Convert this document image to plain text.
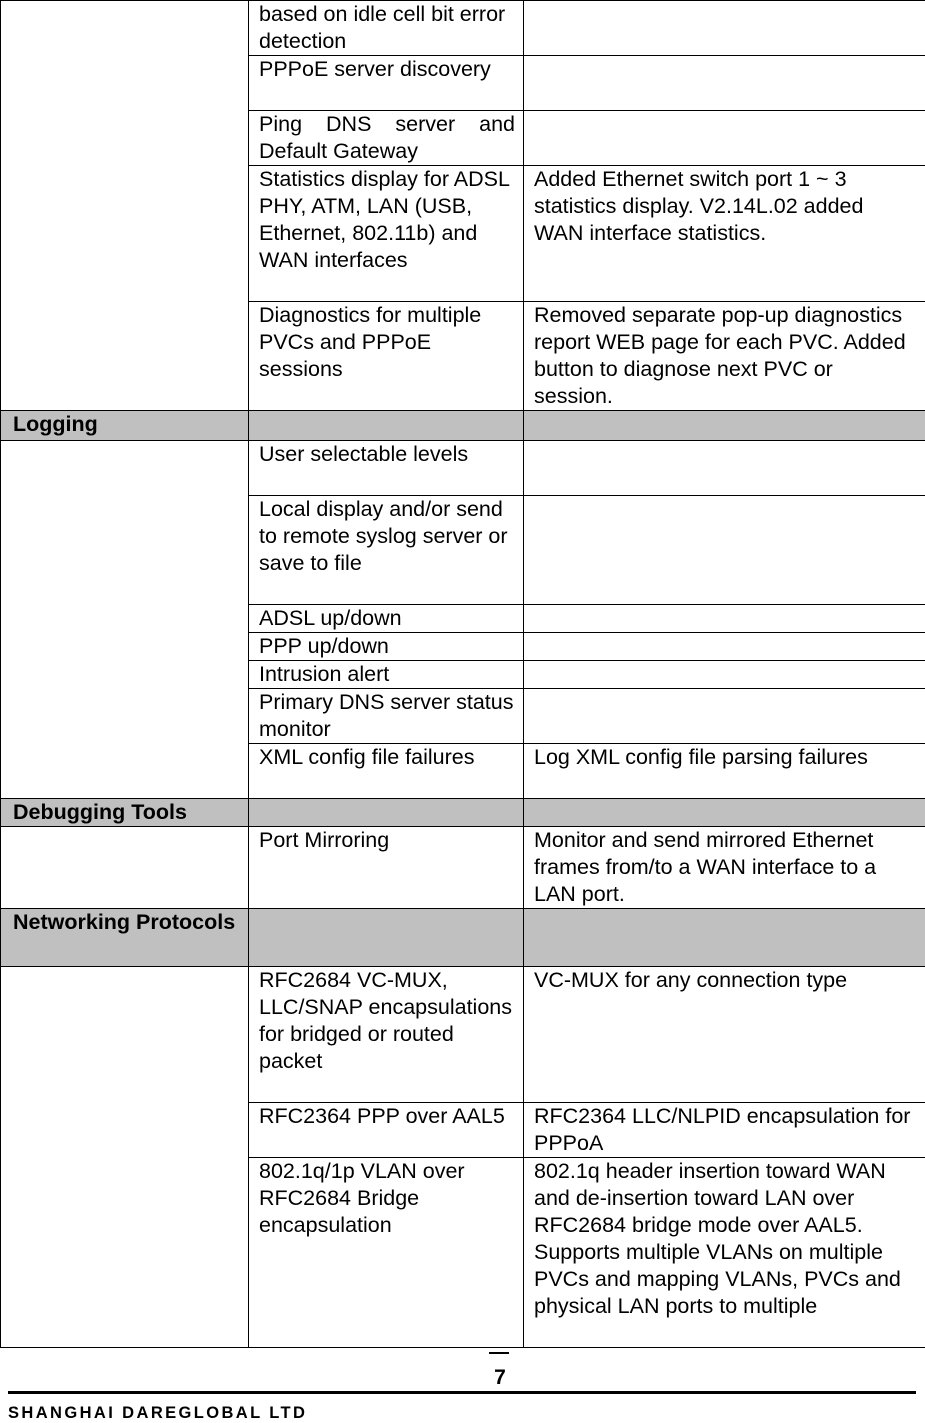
	based on idle cell bit error detection	
	PPPoE server discovery	
	Ping DNS server and Default Gateway	
	Statistics display for ADSL PHY, ATM, LAN (USB, Ethernet, 802.11b) and WAN interfaces	Added Ethernet switch port 1 ~ 3 statistics display. V2.14L.02 added WAN interface statistics.
	Diagnostics for multiple PVCs and PPPoE sessions	Removed separate pop-up diagnostics report WEB page for each PVC. Added button to diagnose next PVC or session.
Logging		
	User selectable levels	
	Local display and/or send to remote syslog server or save to file	
	ADSL up/down	
	PPP up/down	
	Intrusion alert	
	Primary DNS server status monitor	
	XML config file failures	Log XML config file parsing failures
Debugging Tools		
	Port Mirroring	Monitor and send mirrored Ethernet frames from/to a WAN interface to a LAN port.
Networking Protocols		
	RFC2684 VC-MUX, LLC/SNAP encapsulations for bridged or routed packet	VC-MUX for any connection type
	RFC2364 PPP over AAL5	RFC2364 LLC/NLPID encapsulation for PPPoA
	802.1q/1p VLAN over RFC2684 Bridge encapsulation	802.1q header insertion toward WAN and de-insertion toward LAN over RFC2684 bridge mode over AAL5. Supports multiple VLANs on multiple PVCs and mapping VLANs, PVCs and physical LAN ports to multiple
7
SHANGHAI DAREGLOBAL LTD
